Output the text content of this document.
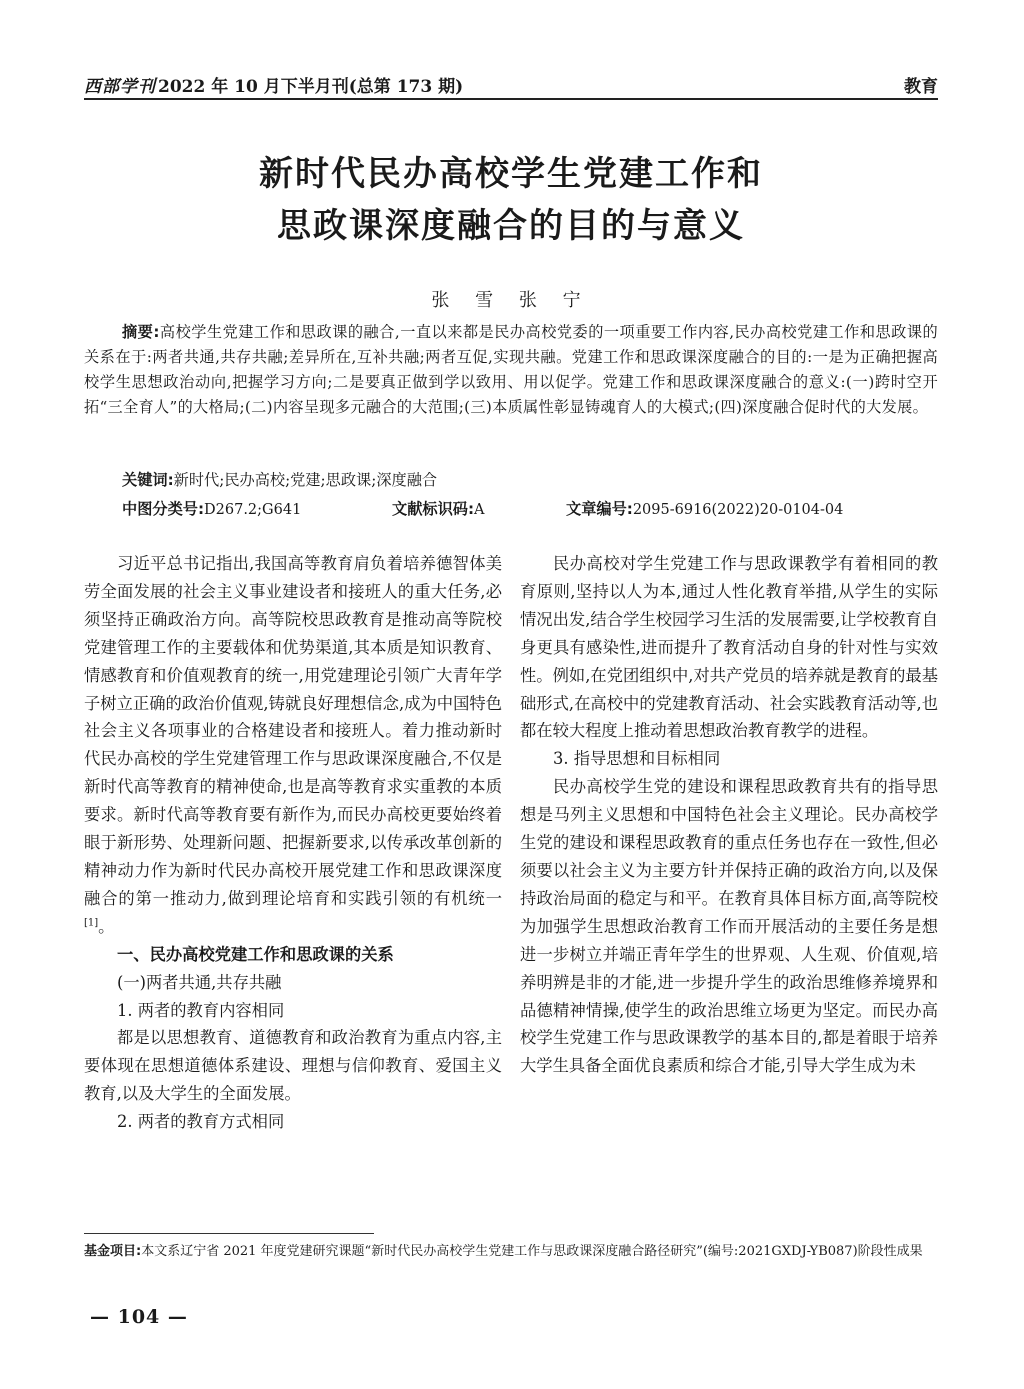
西部学刊 2022 年 10 月下半月刊(总第 173 期)	教育
新时代民办高校学生党建工作和
思政课深度融合的目的与意义
张 雪 张 宁

摘要:高校学生党建工作和思政课的融合,一直以来都是民办高校党委的一项重要工作内容,民办高校党建工作和思政课的关系在于:两者共通,共存共融;差异所在,互补共融;两者互促,实现共融。党建工作和思政课深度融合的目的:一是为正确把握高校学生思想政治动向,把握学习方向;二是要真正做到学以致用、用以促学。党建工作和思政课深度融合的意义:(一)跨时空开拓“三全育人”的大格局;(二)内容呈现多元融合的大范围;(三)本质属性彰显铸魂育人的大模式;(四)深度融合促时代的大发展。

关键词:新时代;民办高校;党建;思政课;深度融合
中图分类号:D267.2;G641	文献标识码:A	文章编号:2095-6916(2022)20-0104-04

习近平总书记指出,我国高等教育肩负着培养德智体美劳全面发展的社会主义事业建设者和接班人的重大任务,必须坚持正确政治方向。高等院校思政教育是推动高等院校党建管理工作的主要载体和优势渠道,其本质是知识教育、情感教育和价值观教育的统一,用党建理论引领广大青年学子树立正确的政治价值观,铸就良好理想信念,成为中国特色社会主义各项事业的合格建设者和接班人。着力推动新时代民办高校的学生党建管理工作与思政课深度融合,不仅是新时代高等教育的精神使命,也是高等教育求实重教的本质要求。新时代高等教育要有新作为,而民办高校更要始终着眼于新形势、处理新问题、把握新要求,以传承改革创新的精神动力作为新时代民办高校开展党建工作和思政课深度融合的第一推动力,做到理论培育和实践引领的有机统一[1]。

一、民办高校党建工作和思政课的关系

(一)两者共通,共存共融

1. 两者的教育内容相同

都是以思想教育、道德教育和政治教育为重点内容,主要体现在思想道德体系建设、理想与信仰教育、爱国主义教育,以及大学生的全面发展。

2. 两者的教育方式相同

民办高校对学生党建工作与思政课教学有着相同的教育原则,坚持以人为本,通过人性化教育举措,从学生的实际情况出发,结合学生校园学习生活的发展需要,让学校教育自身更具有感染性,进而提升了教育活动自身的针对性与实效性。例如,在党团组织中,对共产党员的培养就是教育的最基础形式,在高校中的党建教育活动、社会实践教育活动等,也都在较大程度上推动着思想政治教育教学的进程。

3. 指导思想和目标相同

民办高校学生党的建设和课程思政教育共有的指导思想是马列主义思想和中国特色社会主义理论。民办高校学生党的建设和课程思政教育的重点任务也存在一致性,但必须要以社会主义为主要方针并保持正确的政治方向,以及保持政治局面的稳定与和平。在教育具体目标方面,高等院校为加强学生思想政治教育工作而开展活动的主要任务是想进一步树立并端正青年学生的世界观、人生观、价值观,培养明辨是非的才能,进一步提升学生的政治思维修养境界和品德精神情操,使学生的政治思维立场更为坚定。而民办高校学生党建工作与思政课教学的基本目的,都是着眼于培养大学生具备全面优良素质和综合才能,引导大学生成为未

基金项目:本文系辽宁省 2021 年度党建研究课题“新时代民办高校学生党建工作与思政课深度融合路径研究”(编号:2021GXDJ-YB087)阶段性成果
— 104 —
